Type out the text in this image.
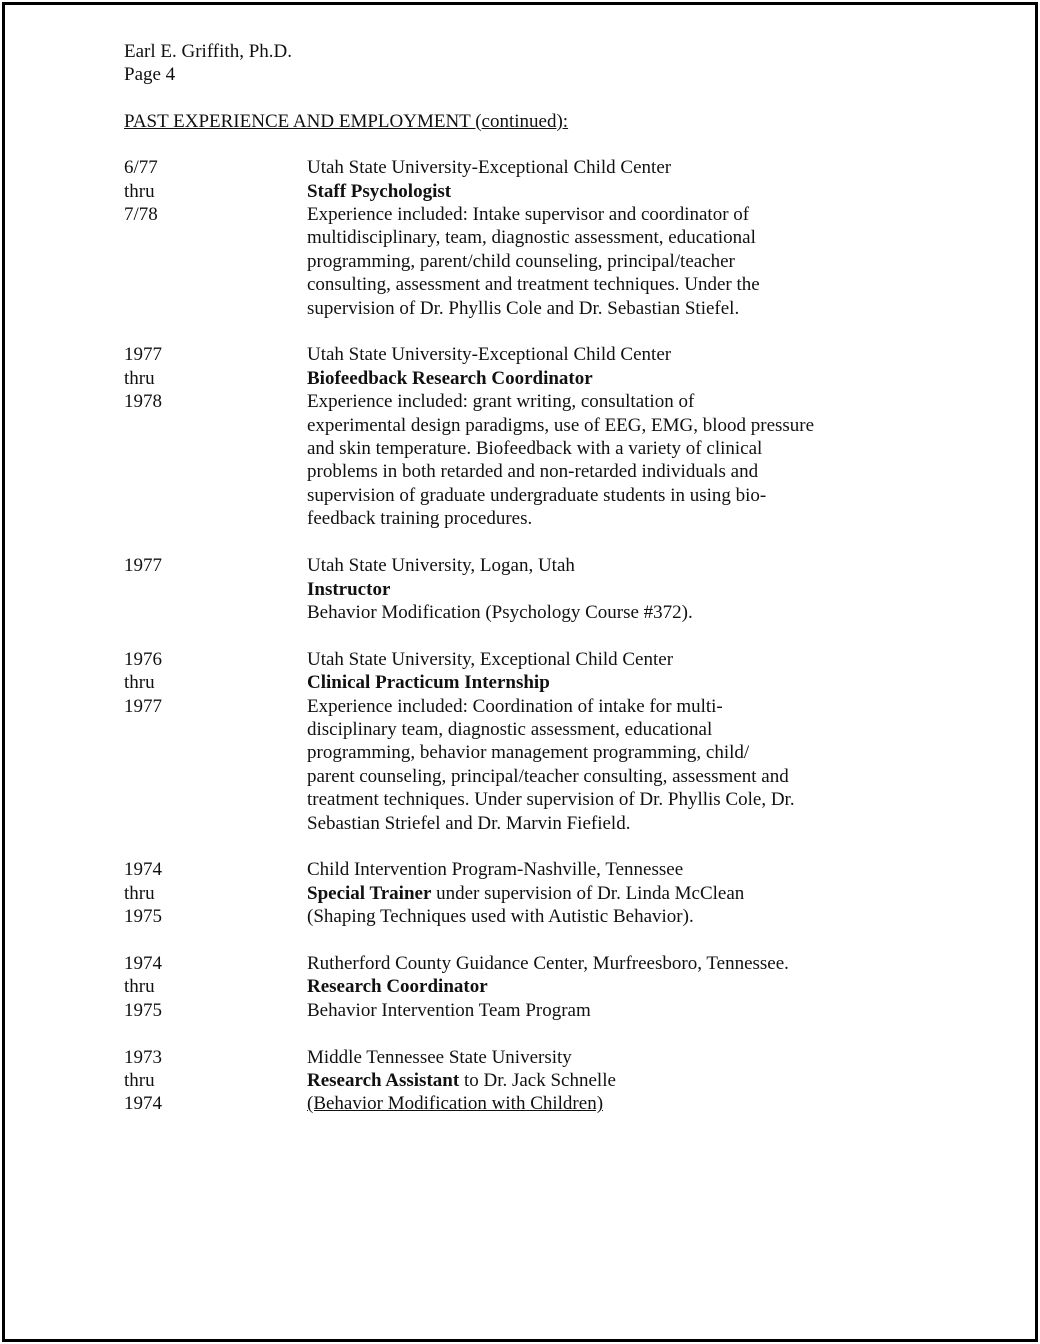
Earl E. Griffith, Ph.D.
Page 4
PAST EXPERIENCE AND EMPLOYMENT (continued):
6/77
thru
7/78
Utah State University-Exceptional Child Center
Staff Psychologist
Experience included: Intake supervisor and coordinator of
multidisciplinary, team, diagnostic assessment, educational
programming, parent/child counseling, principal/teacher
consulting, assessment and treatment techniques. Under the
supervision of Dr. Phyllis Cole and Dr. Sebastian Stiefel.
1977
thru
1978
Utah State University-Exceptional Child Center
Biofeedback Research Coordinator
Experience included: grant writing, consultation of
experimental design paradigms, use of EEG, EMG, blood pressure
and skin temperature. Biofeedback with a variety of clinical
problems in both retarded and non-retarded individuals and
supervision of graduate undergraduate students in using bio-
feedback training procedures.
1977	Utah State University, Logan, Utah
Instructor
Behavior Modification (Psychology Course #372).
1976
thru
1977
Utah State University, Exceptional Child Center
Clinical Practicum Internship
Experience included: Coordination of intake for multi-
disciplinary team, diagnostic assessment, educational
programming, behavior management programming, child/
parent counseling, principal/teacher consulting, assessment and
treatment techniques. Under supervision of Dr. Phyllis Cole, Dr.
Sebastian Striefel and Dr. Marvin Fiefield.
1974
thru
1975
Child Intervention Program-Nashville, Tennessee
Special Trainer under supervision of Dr. Linda McClean
(Shaping Techniques used with Autistic Behavior).
1974
thru
1975
Rutherford County Guidance Center, Murfreesboro, Tennessee.
Research Coordinator
Behavior Intervention Team Program
1973
thru
1974
Middle Tennessee State University
Research Assistant to Dr. Jack Schnelle
(Behavior Modification with Children)
